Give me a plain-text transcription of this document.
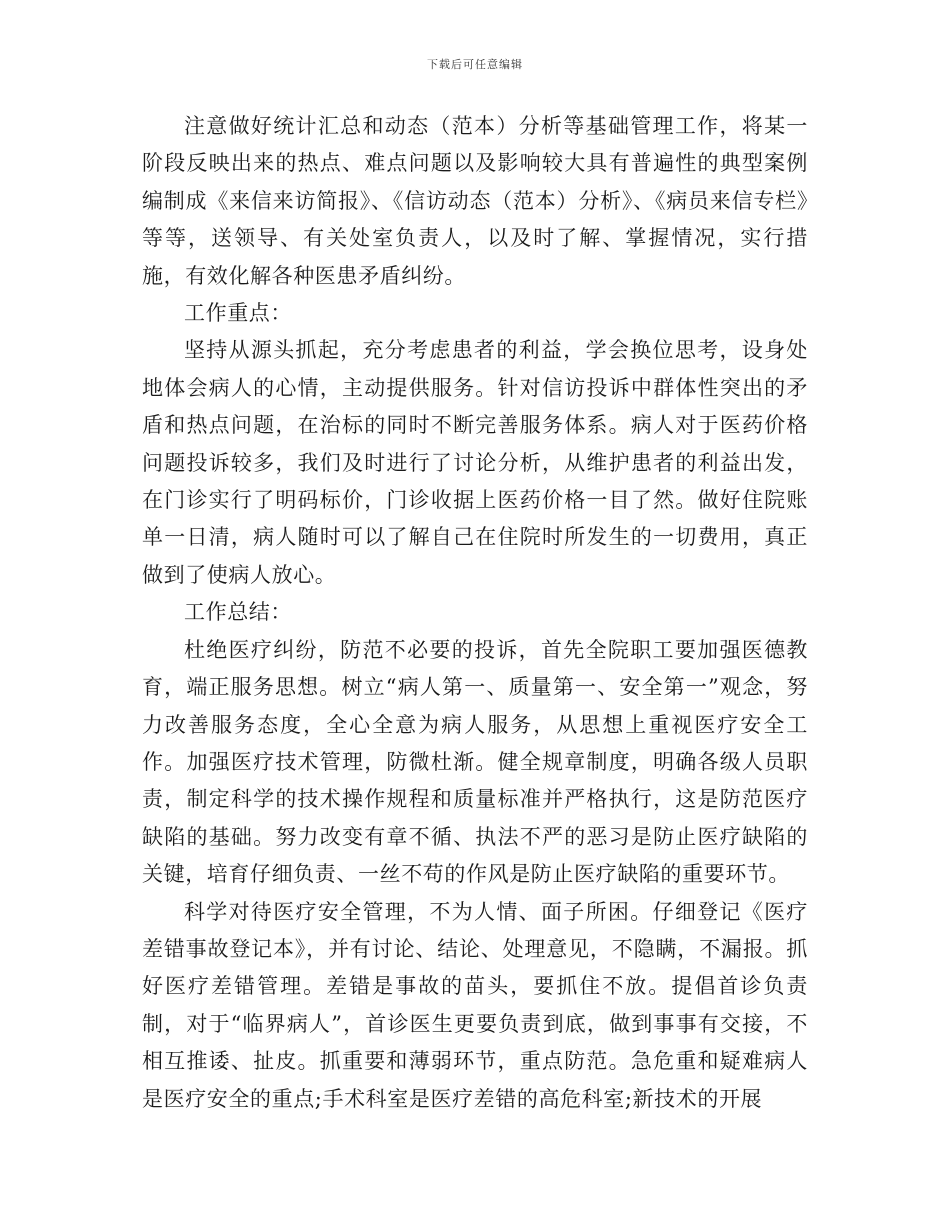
下载后可任意编辑

注意做好统计汇总和动态（范本）分析等基础管理工作，将某一阶段反映出来的热点、难点问题以及影响较大具有普遍性的典型案例编制成《来信来访简报》、《信访动态（范本）分析》、《病员来信专栏》等等，送领导、有关处室负责人，以及时了解、掌握情况，实行措施，有效化解各种医患矛盾纠纷。

工作重点：

坚持从源头抓起，充分考虑患者的利益，学会换位思考，设身处地体会病人的心情，主动提供服务。针对信访投诉中群体性突出的矛盾和热点问题，在治标的同时不断完善服务体系。病人对于医药价格问题投诉较多，我们及时进行了讨论分析，从维护患者的利益出发，在门诊实行了明码标价，门诊收据上医药价格一目了然。做好住院账单一日清，病人随时可以了解自己在住院时所发生的一切费用，真正做到了使病人放心。

工作总结：

杜绝医疗纠纷，防范不必要的投诉，首先全院职工要加强医德教育，端正服务思想。树立“病人第一、质量第一、安全第一”观念，努力改善服务态度，全心全意为病人服务，从思想上重视医疗安全工作。加强医疗技术管理，防微杜渐。健全规章制度，明确各级人员职责，制定科学的技术操作规程和质量标准并严格执行，这是防范医疗缺陷的基础。努力改变有章不循、执法不严的恶习是防止医疗缺陷的关键，培育仔细负责、一丝不苟的作风是防止医疗缺陷的重要环节。

科学对待医疗安全管理，不为人情、面子所困。仔细登记《医疗差错事故登记本》，并有讨论、结论、处理意见，不隐瞒，不漏报。抓好医疗差错管理。差错是事故的苗头，要抓住不放。提倡首诊负责制，对于“临界病人”，首诊医生更要负责到底，做到事事有交接，不相互推诿、扯皮。抓重要和薄弱环节，重点防范。急危重和疑难病人是医疗安全的重点;手术科室是医疗差错的高危科室;新技术的开展
